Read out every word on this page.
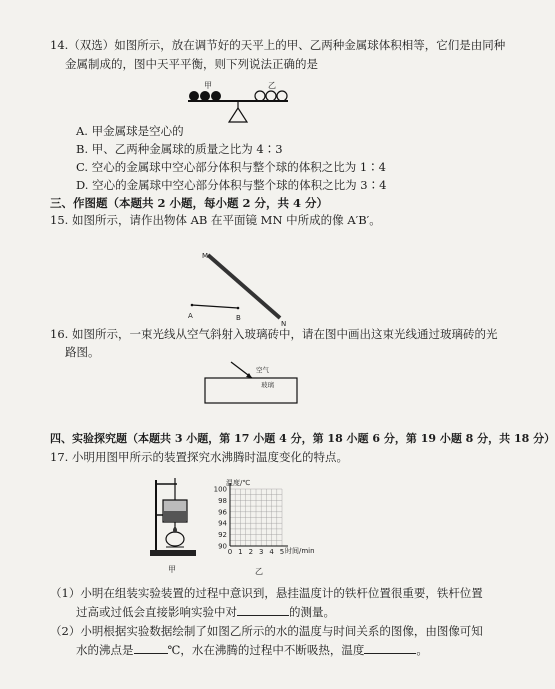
14.（双选）如图所示，放在调节好的天平上的甲、乙两种金属球体积相等，它们是由同种
金属制成的，图中天平平衡，则下列说法正确的是
甲	乙
A. 甲金属球是空心的
B. 甲、乙两种金属球的质量之比为 4∶3
C. 空心的金属球中空心部分体积与整个球的体积之比为 1∶4
D. 空心的金属球中空心部分体积与整个球的体积之比为 3∶4
三、作图题（本题共 2 小题，每小题 2 分，共 4 分）
15. 如图所示，请作出物体 AB 在平面镜 MN 中所成的像 A′B′。
M
N
A	B
16. 如图所示，一束光线从空气斜射入玻璃砖中，请在图中画出这束光线通过玻璃砖的光
路图。
空气
玻璃
四、实验探究题（本题共 3 小题，第 17 小题 4 分，第 18 小题 6 分，第 19 小题 8 分，共 18 分）
17. 小明用图甲所示的装置探究水沸腾时温度变化的特点。
甲
温度/℃
时间/min
乙
100
98
96
94
92
90
0 1 2 3 4 5
（1）小明在组装实验装置的过程中意识到，悬挂温度计的铁杆位置很重要，铁杆位置
过高或过低会直接影响实验中对	的测量。
（2）小明根据实验数据绘制了如图乙所示的水的温度与时间关系的图像，由图像可知
水的沸点是	℃，水在沸腾的过程中不断吸热，温度	。
